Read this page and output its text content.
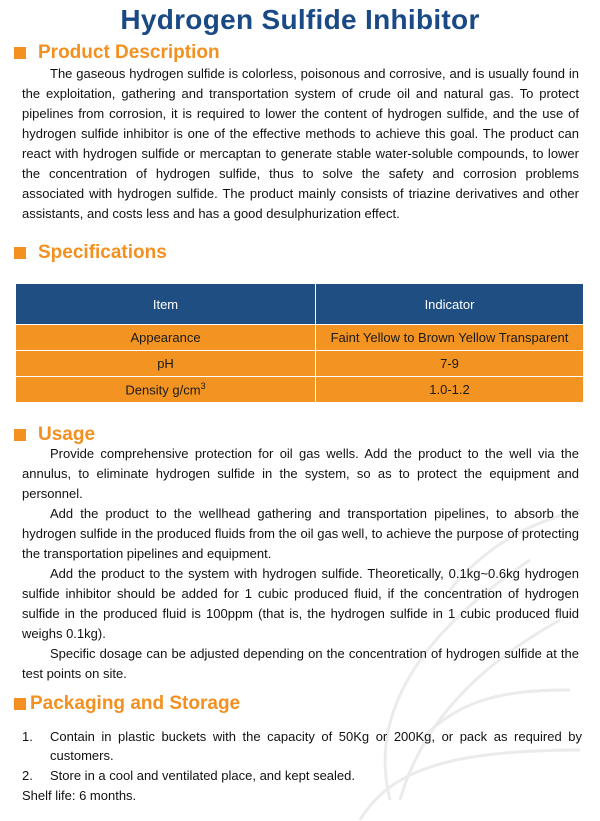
Hydrogen Sulfide Inhibitor
Product Description
The gaseous hydrogen sulfide is colorless, poisonous and corrosive, and is usually found in the exploitation, gathering and transportation system of crude oil and natural gas. To protect pipelines from corrosion, it is required to lower the content of hydrogen sulfide, and the use of hydrogen sulfide inhibitor is one of the effective methods to achieve this goal. The product can react with hydrogen sulfide or mercaptan to generate stable water-soluble compounds, to lower the concentration of hydrogen sulfide, thus to solve the safety and corrosion problems associated with hydrogen sulfide. The product mainly consists of triazine derivatives and other assistants, and costs less and has a good desulphurization effect.
Specifications
Item	Indicator
Appearance	Faint Yellow to Brown Yellow Transparent
pH	7-9
Density $g/cm^3$	1.0-1.2
Usage
Provide comprehensive protection for oil gas wells. Add the product to the well via the annulus, to eliminate hydrogen sulfide in the system, so as to protect the equipment and personnel.
Add the product to the wellhead gathering and transportation pipelines, to absorb the hydrogen sulfide in the produced fluids from the oil gas well, to achieve the purpose of protecting the transportation pipelines and equipment.
Add the product to the system with hydrogen sulfide. Theoretically, 0.1kg~0.6kg hydrogen sulfide inhibitor should be added for 1 cubic produced fluid, if the concentration of hydrogen sulfide in the produced fluid is 100ppm (that is, the hydrogen sulfide in 1 cubic produced fluid weighs 0.1kg).
Specific dosage can be adjusted depending on the concentration of hydrogen sulfide at the test points on site.
Packaging and Storage
1.	Contain in plastic buckets with the capacity of 50Kg or 200Kg, or pack as required by customers.
2.	Store in a cool and ventilated place, and kept sealed.
Shelf life: 6 months.
